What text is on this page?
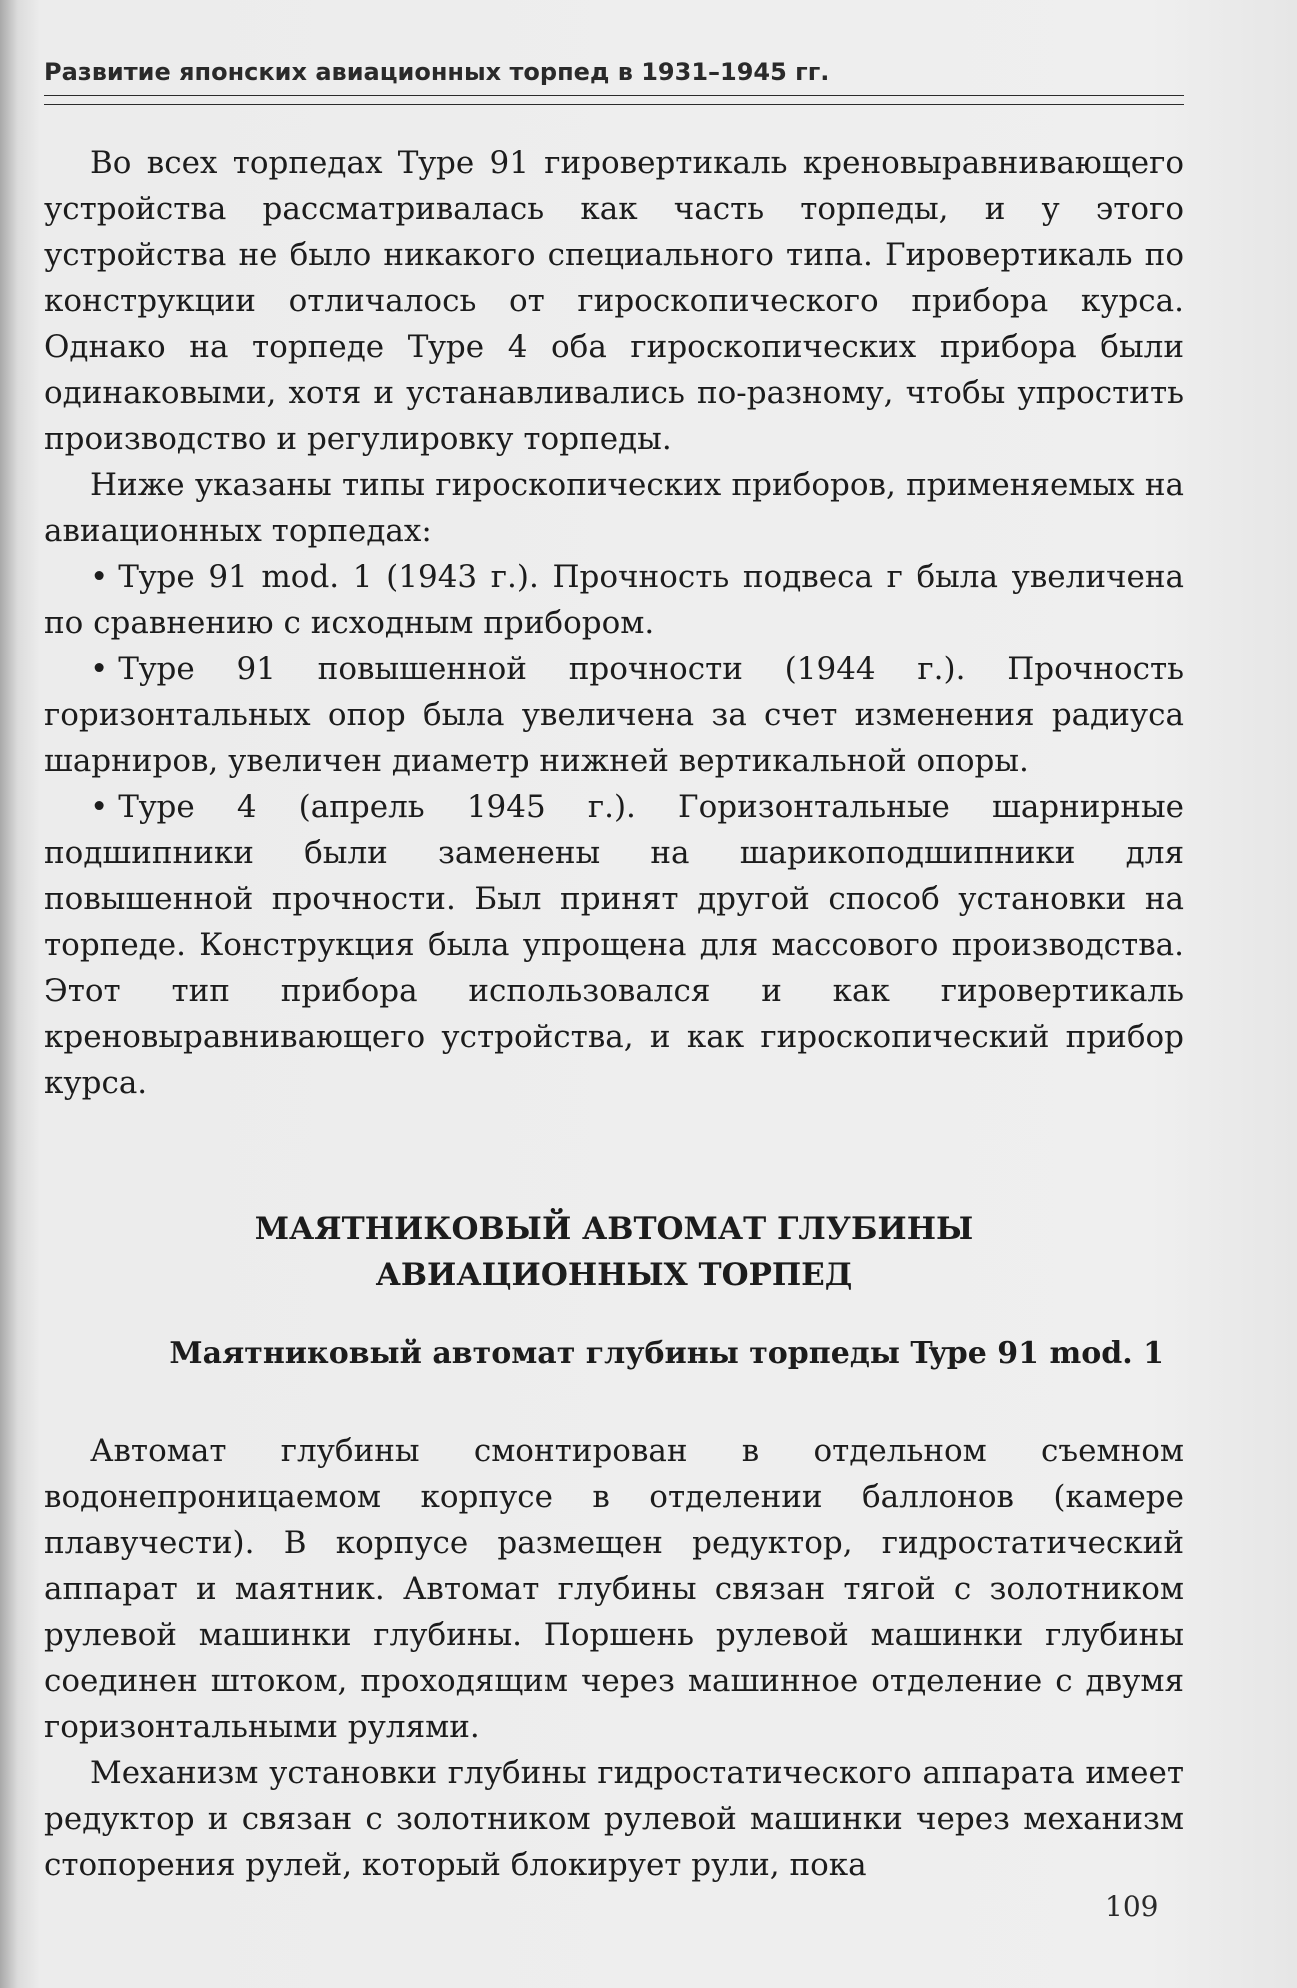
Развитие японских авиационных торпед в 1931–1945 гг.

Во всех торпедах Type 91 гировертикаль креновыравнивающего устройства рассматривалась как часть торпеды, и у этого устройства не было никакого специального типа. Гировертикаль по конструкции отличалось от гироскопического прибора курса. Однако на торпеде Type 4 оба гироскопических прибора были одинаковыми, хотя и устанавливались по-разному, чтобы упростить производство и регулировку торпеды.

Ниже указаны типы гироскопических приборов, применяемых на авиационных торпедах:

• Type 91 mod. 1 (1943 г.). Прочность подвеса г была увеличена по сравнению с исходным прибором.
• Type 91 повышенной прочности (1944 г.). Прочность горизонтальных опор была увеличена за счет изменения радиуса шарниров, увеличен диаметр нижней вертикальной опоры.
• Type 4 (апрель 1945 г.). Горизонтальные шарнирные подшипники были заменены на шарикоподшипники для повышенной прочности. Был принят другой способ установки на торпеде. Конструкция была упрощена для массового производства. Этот тип прибора использовался и как гировертикаль креновыравнивающего устройства, и как гироскопический прибор курса.
МАЯТНИКОВЫЙ АВТОМАТ ГЛУБИНЫ
АВИАЦИОННЫХ ТОРПЕД
Маятниковый автомат глубины торпеды Type 91 mod. 1

Автомат глубины смонтирован в отдельном съемном водонепроницаемом корпусе в отделении баллонов (камере плавучести). В корпусе размещен редуктор, гидростатический аппарат и маятник. Автомат глубины связан тягой с золотником рулевой машинки глубины. Поршень рулевой машинки глубины соединен штоком, проходящим через машинное отделение с двумя горизонтальными рулями.

Механизм установки глубины гидростатического аппарата имеет редуктор и связан с золотником рулевой машинки через механизм стопорения рулей, который блокирует рули, пока

109
